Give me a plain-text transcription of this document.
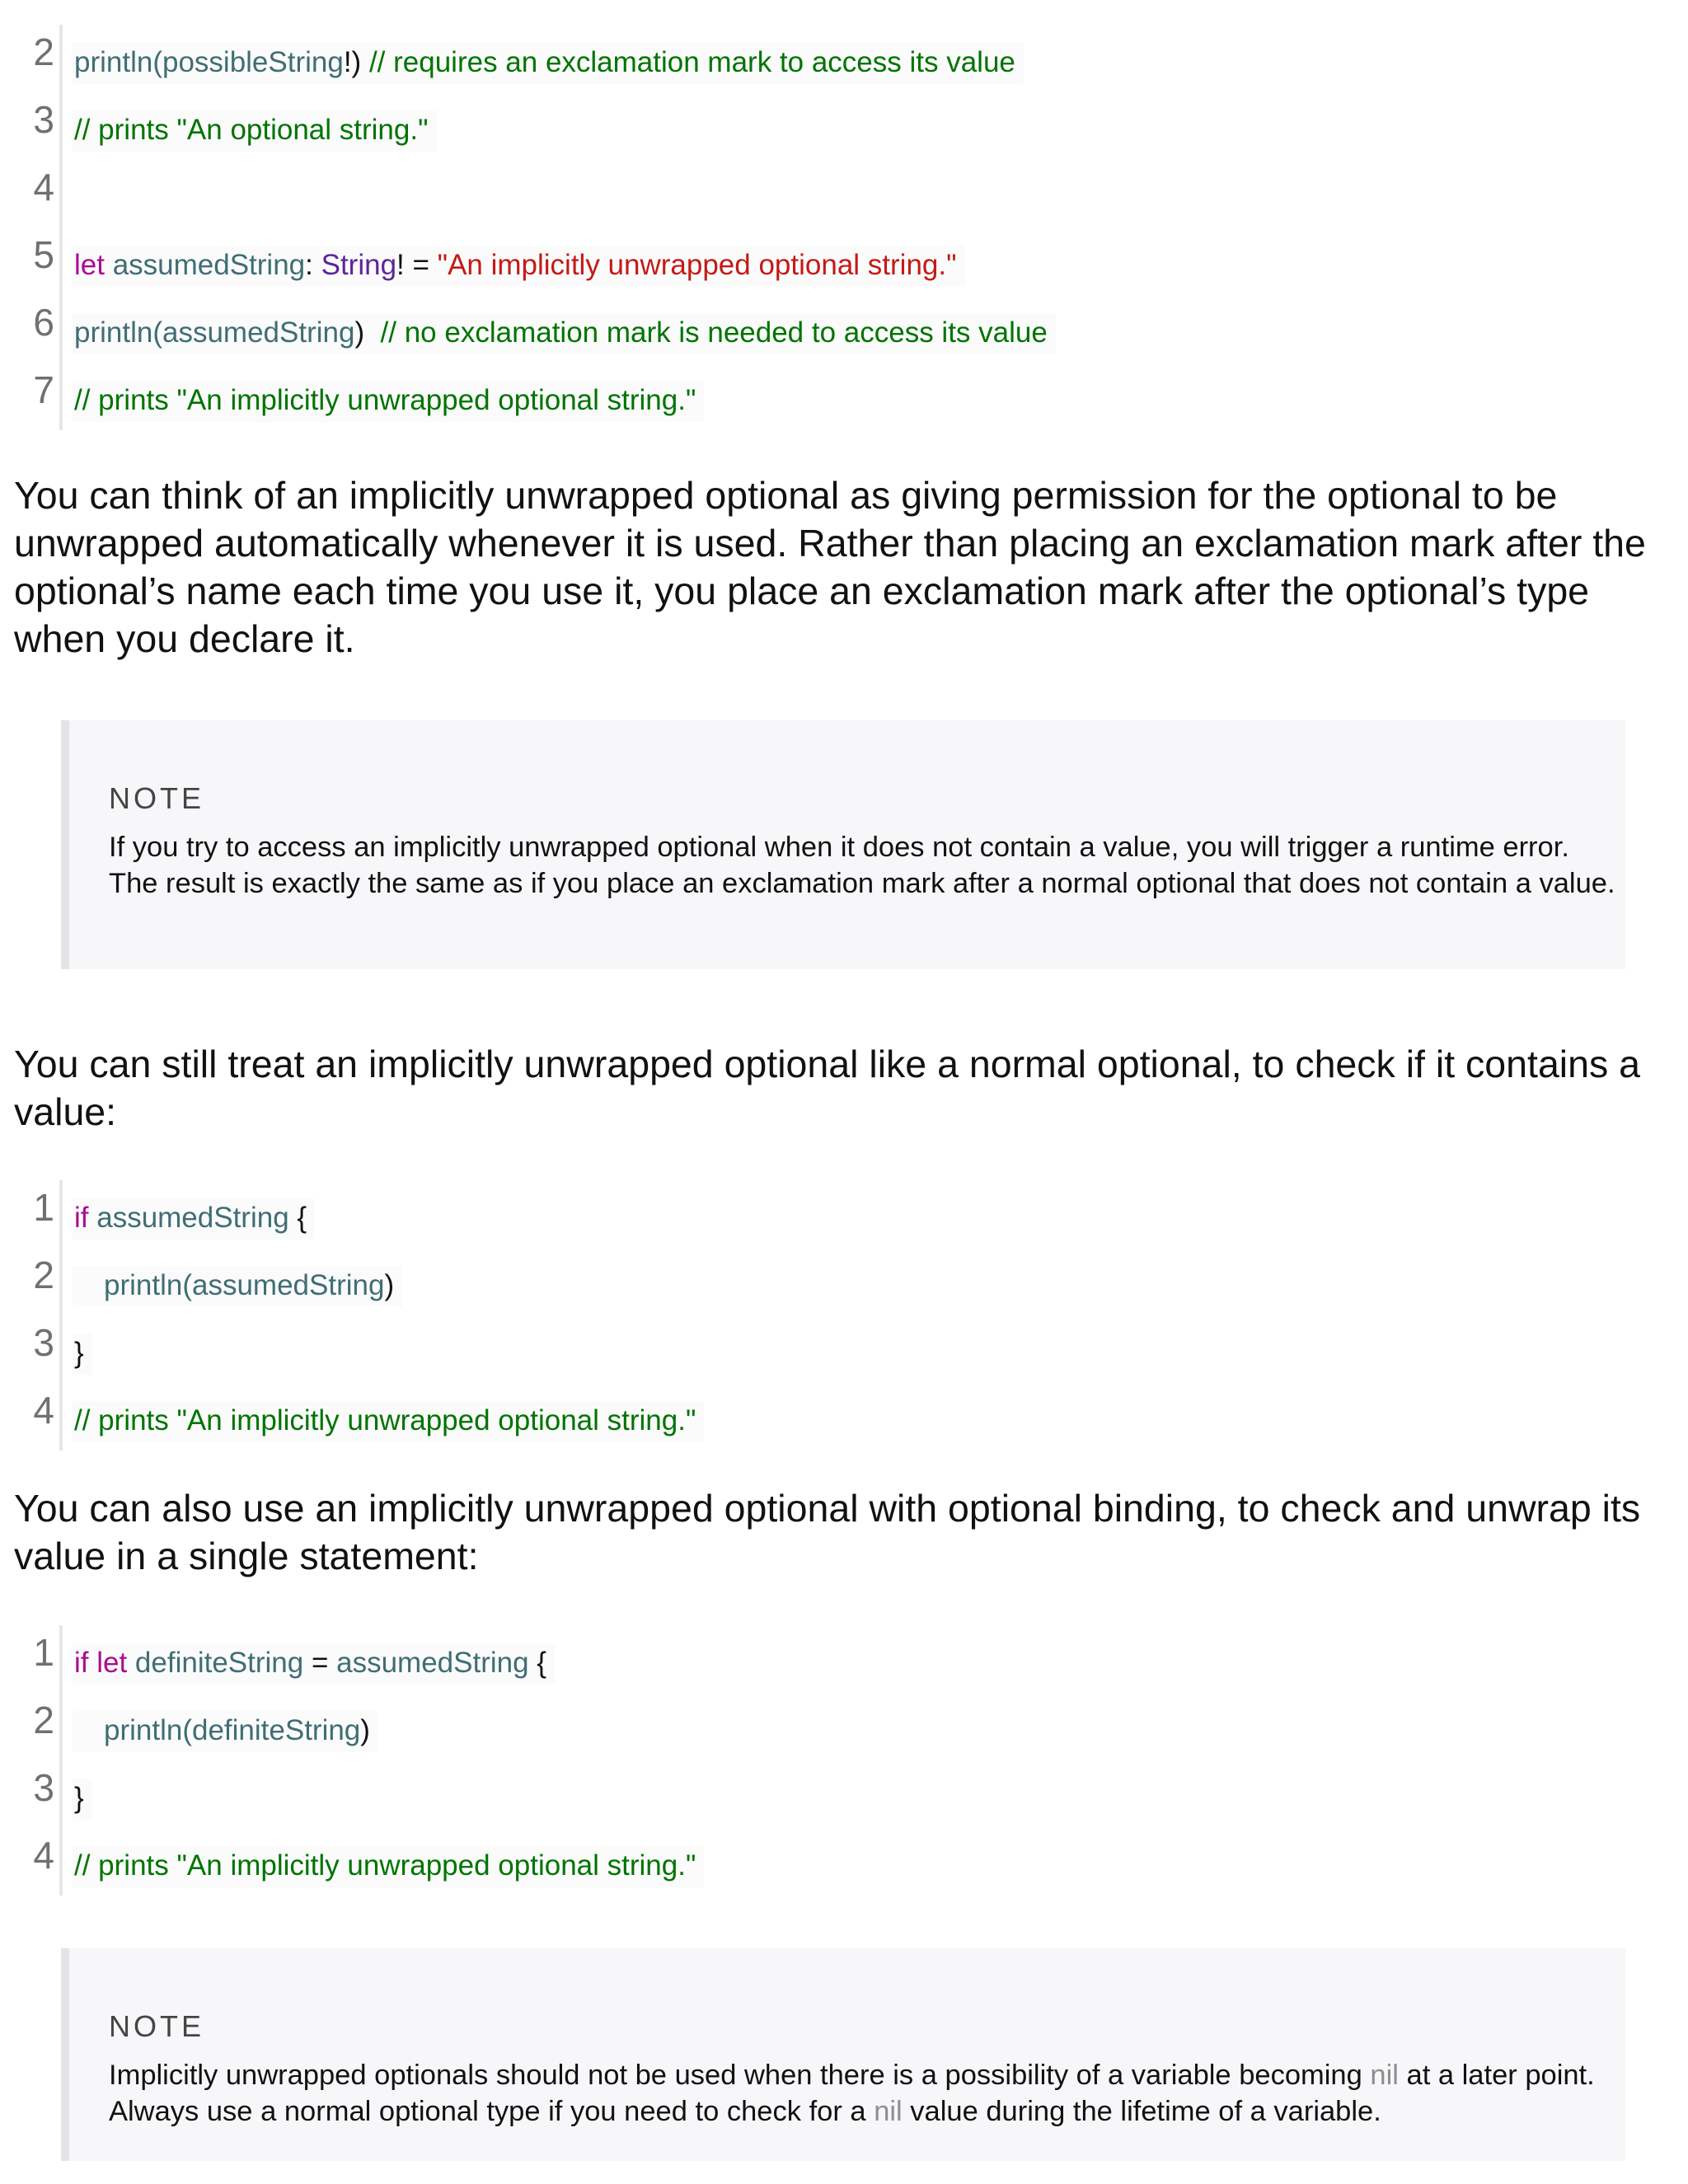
2 println(possibleString!) // requires an exclamation mark to access its value
3 // prints "An optional string."
4
5 let assumedString: String! = "An implicitly unwrapped optional string."
6 println(assumedString)  // no exclamation mark is needed to access its value
7 // prints "An implicitly unwrapped optional string."

You can think of an implicitly unwrapped optional as giving permission for the optional to be unwrapped automatically whenever it is used. Rather than placing an exclamation mark after the optional’s name each time you use it, you place an exclamation mark after the optional’s type when you declare it.

NOTE

If you try to access an implicitly unwrapped optional when it does not contain a value, you will trigger a runtime error. The result is exactly the same as if you place an exclamation mark after a normal optional that does not contain a value.

You can still treat an implicitly unwrapped optional like a normal optional, to check if it contains a value:

1 if assumedString {
2	println(assumedString)
3 }
4 // prints "An implicitly unwrapped optional string."

You can also use an implicitly unwrapped optional with optional binding, to check and unwrap its value in a single statement:

1 if let definiteString = assumedString {
2	println(definiteString)
3 }
4 // prints "An implicitly unwrapped optional string."
NOTE

Implicitly unwrapped optionals should not be used when there is a possibility of a variable becoming nil at a later point. Always use a normal optional type if you need to check for a nil value during the lifetime of a variable.
